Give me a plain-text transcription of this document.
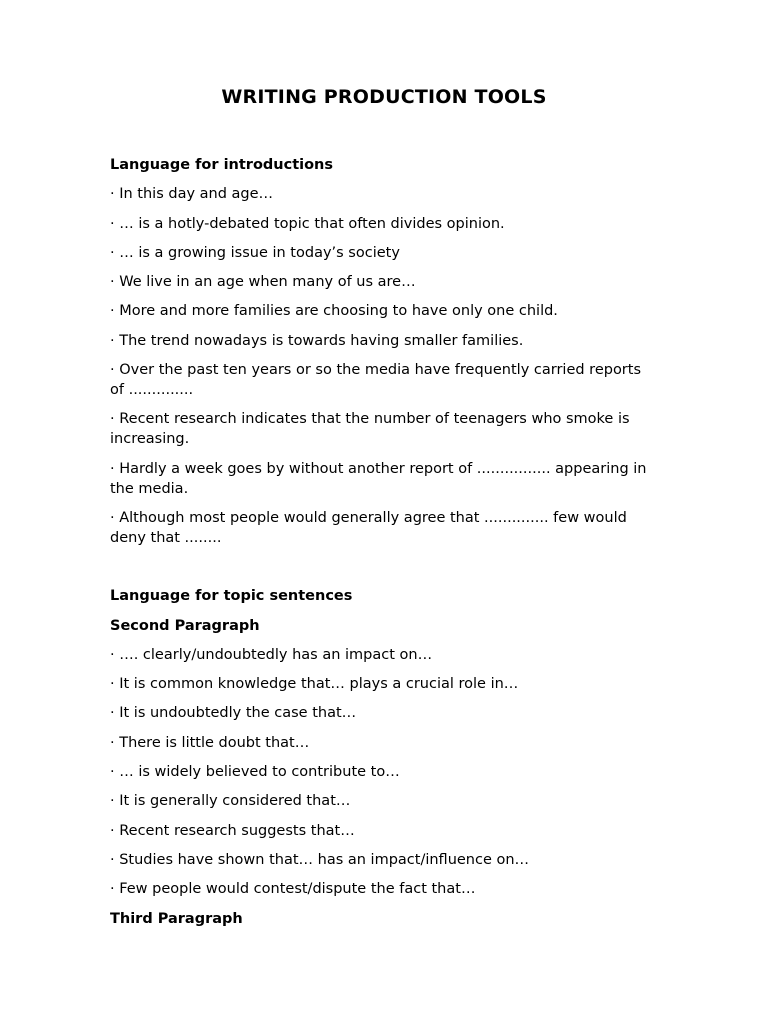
WRITING PRODUCTION TOOLS

Language for introductions

· In this day and age…

· … is a hotly-debated topic that often divides opinion.

· … is a growing issue in today’s society

· We live in an age when many of us are…

· More and more families are choosing to have only one child.

· The trend nowadays is towards having smaller families.

· Over the past ten years or so the media have frequently carried reports of ..............

· Recent research indicates that the number of teenagers who smoke is increasing.

· Hardly a week goes by without another report of ................ appearing in the media.

· Although most people would generally agree that .............. few would deny that ........

Language for topic sentences

Second Paragraph

· …. clearly/undoubtedly has an impact on…

· It is common knowledge that… plays a crucial role in…

· It is undoubtedly the case that…

· There is little doubt that…

· … is widely believed to contribute to…

· It is generally considered that…

· Recent research suggests that…

· Studies have shown that… has an impact/influence on…

· Few people would contest/dispute the fact that…

Third Paragraph
